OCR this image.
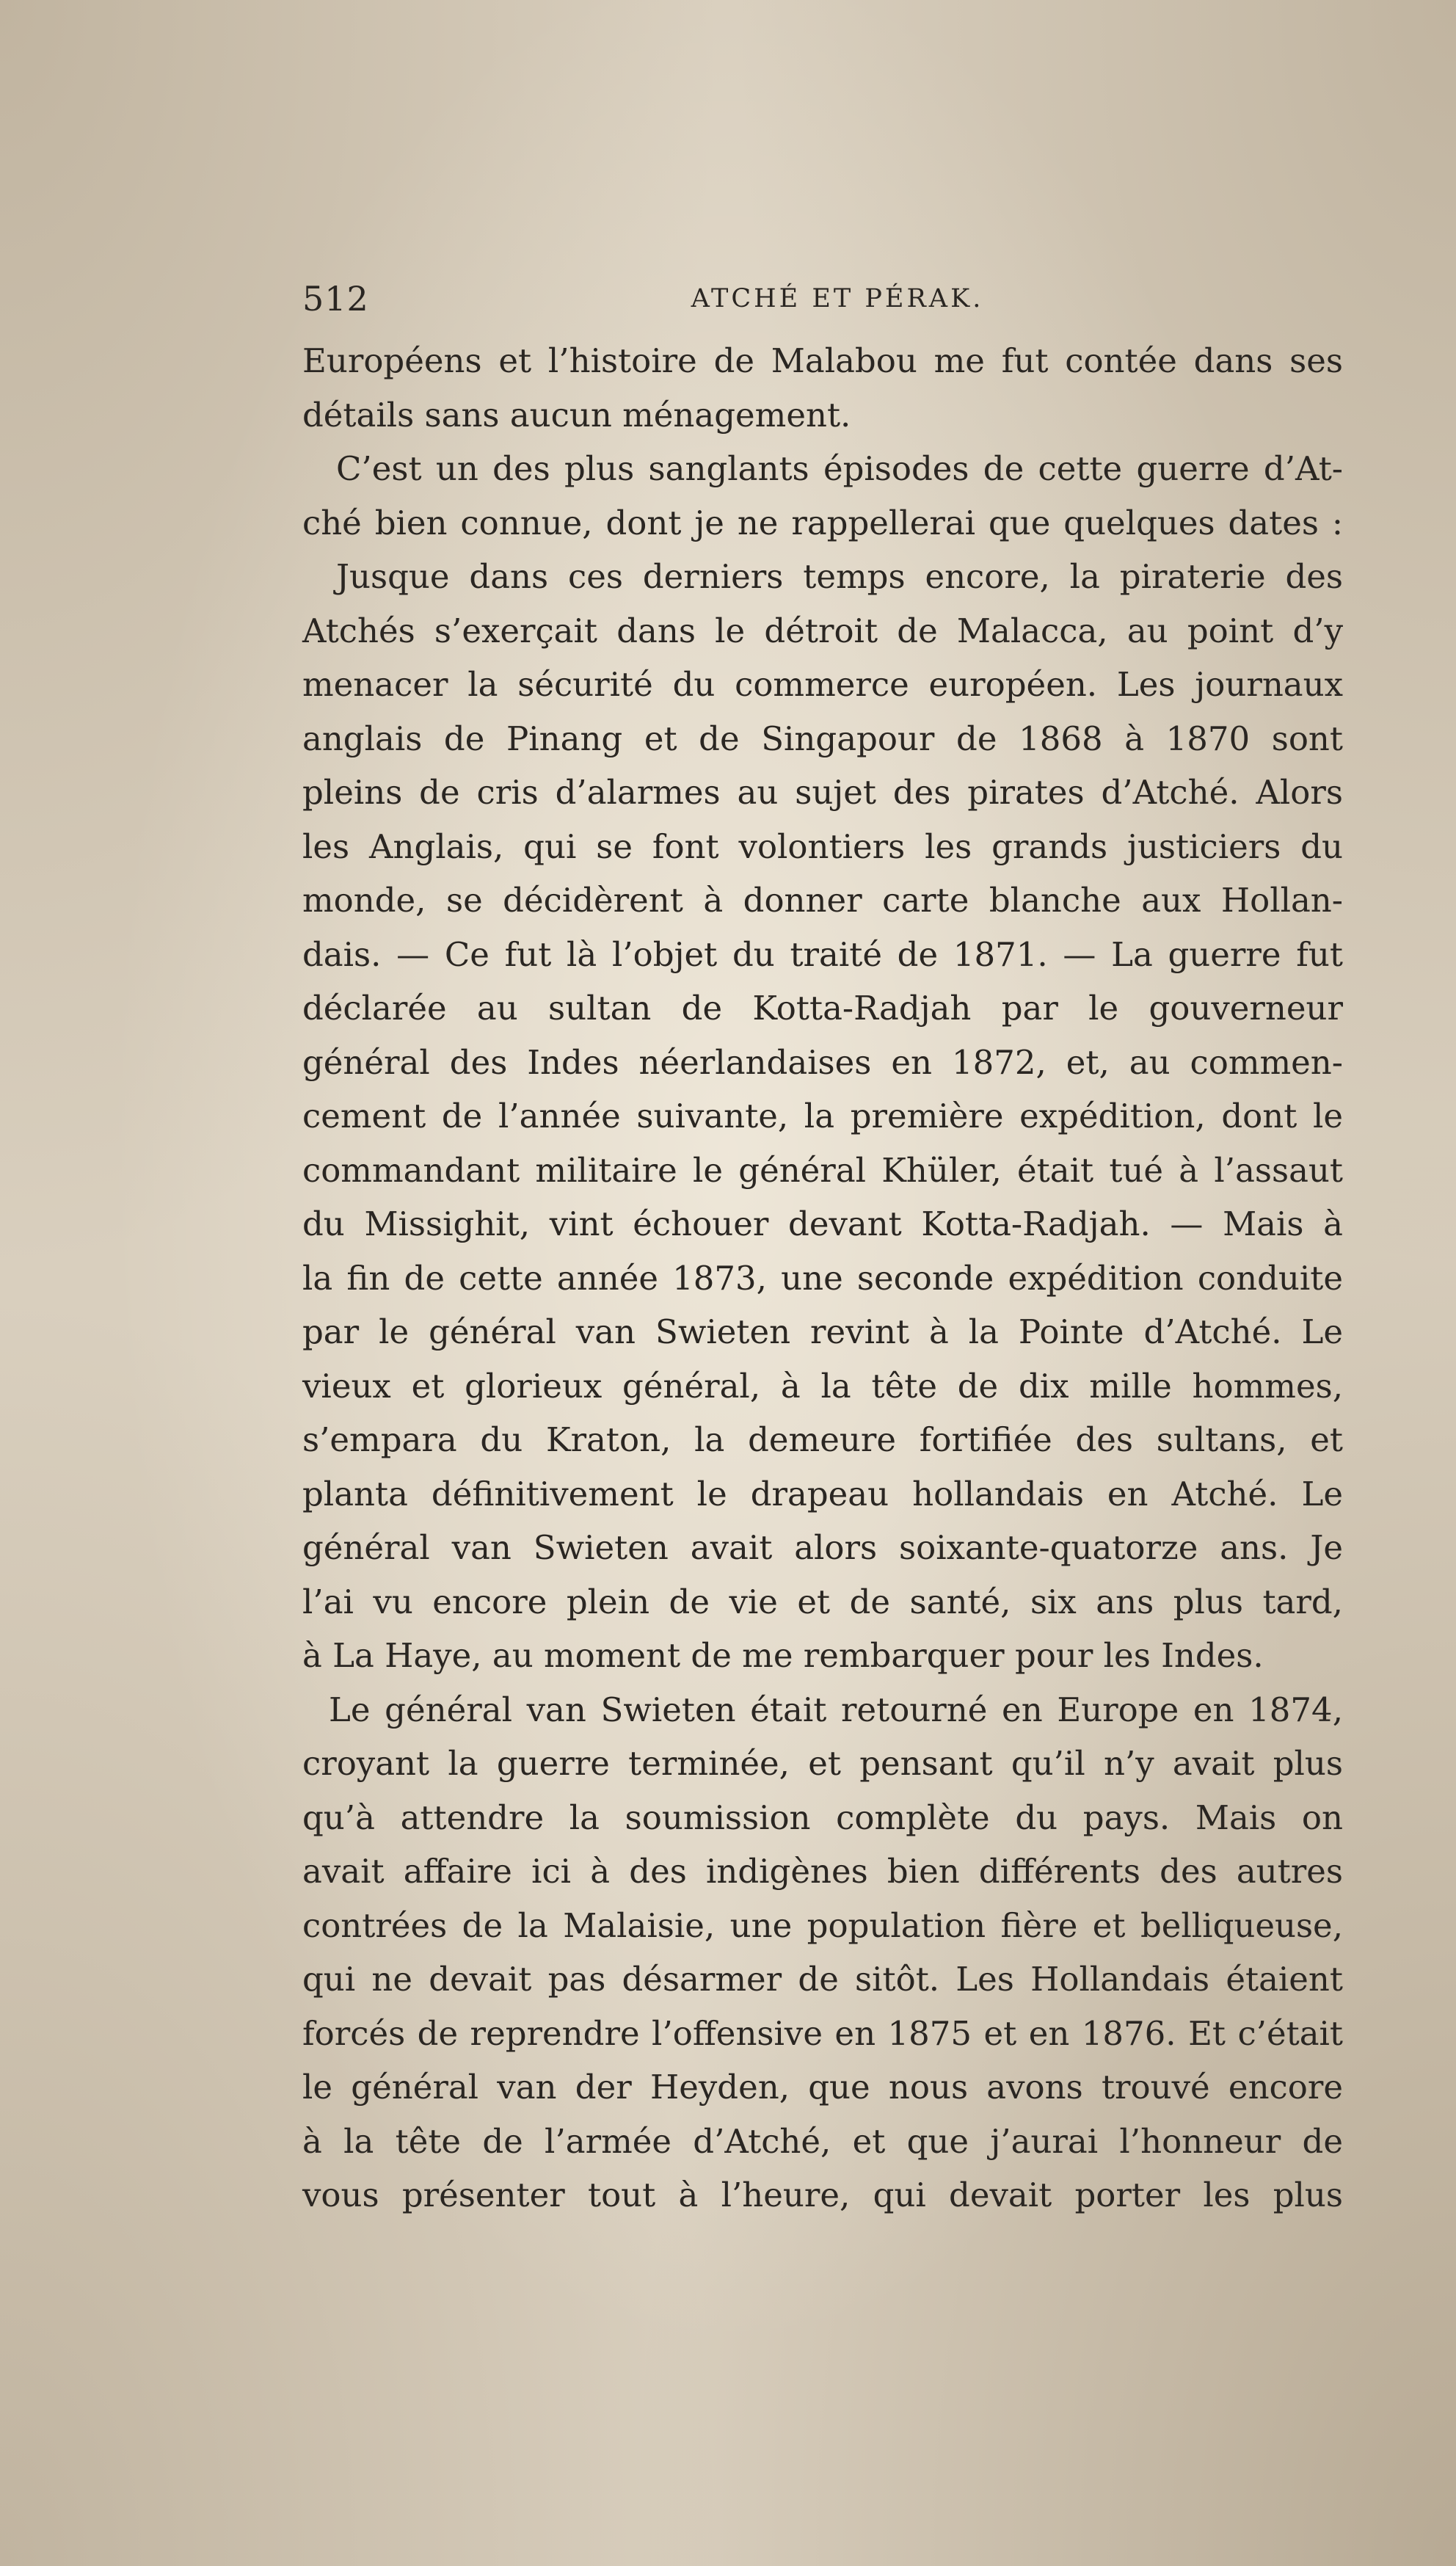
512	ATCHÉ ET PÉRAK.
Européens et l’histoire de Malabou me fut contée dans ses
détails sans aucun ménagement.
C’est un des plus sanglants épisodes de cette guerre d’At-
ché bien connue, dont je ne rappellerai que quelques dates :
Jusque dans ces derniers temps encore, la piraterie des
Atchés s’exerçait dans le détroit de Malacca, au point d’y
menacer la sécurité du commerce européen. Les journaux
anglais de Pinang et de Singapour de 1868 à 1870 sont
pleins de cris d’alarmes au sujet des pirates d’Atché. Alors
les Anglais, qui se font volontiers les grands justiciers du
monde, se décidèrent à donner carte blanche aux Hollan-
dais. — Ce fut là l’objet du traité de 1871. — La guerre fut
déclarée au sultan de Kotta-Radjah par le gouverneur
général des Indes néerlandaises en 1872, et, au commen-
cement de l’année suivante, la première expédition, dont le
commandant militaire le général Khüler, était tué à l’assaut
du Missighit, vint échouer devant Kotta-Radjah. — Mais à
la fin de cette année 1873, une seconde expédition conduite
par le général van Swieten revint à la Pointe d’Atché. Le
vieux et glorieux général, à la tête de dix mille hommes,
s’empara du Kraton, la demeure fortifiée des sultans, et
planta définitivement le drapeau hollandais en Atché. Le
général van Swieten avait alors soixante-quatorze ans. Je
l’ai vu encore plein de vie et de santé, six ans plus tard,
à La Haye, au moment de me rembarquer pour les Indes.
Le général van Swieten était retourné en Europe en 1874,
croyant la guerre terminée, et pensant qu’il n’y avait plus
qu’à attendre la soumission complète du pays. Mais on
avait affaire ici à des indigènes bien différents des autres
contrées de la Malaisie, une population fière et belliqueuse,
qui ne devait pas désarmer de sitôt. Les Hollandais étaient
forcés de reprendre l’offensive en 1875 et en 1876. Et c’était
le général van der Heyden, que nous avons trouvé encore
à la tête de l’armée d’Atché, et que j’aurai l’honneur de
vous présenter tout à l’heure, qui devait porter les plus
